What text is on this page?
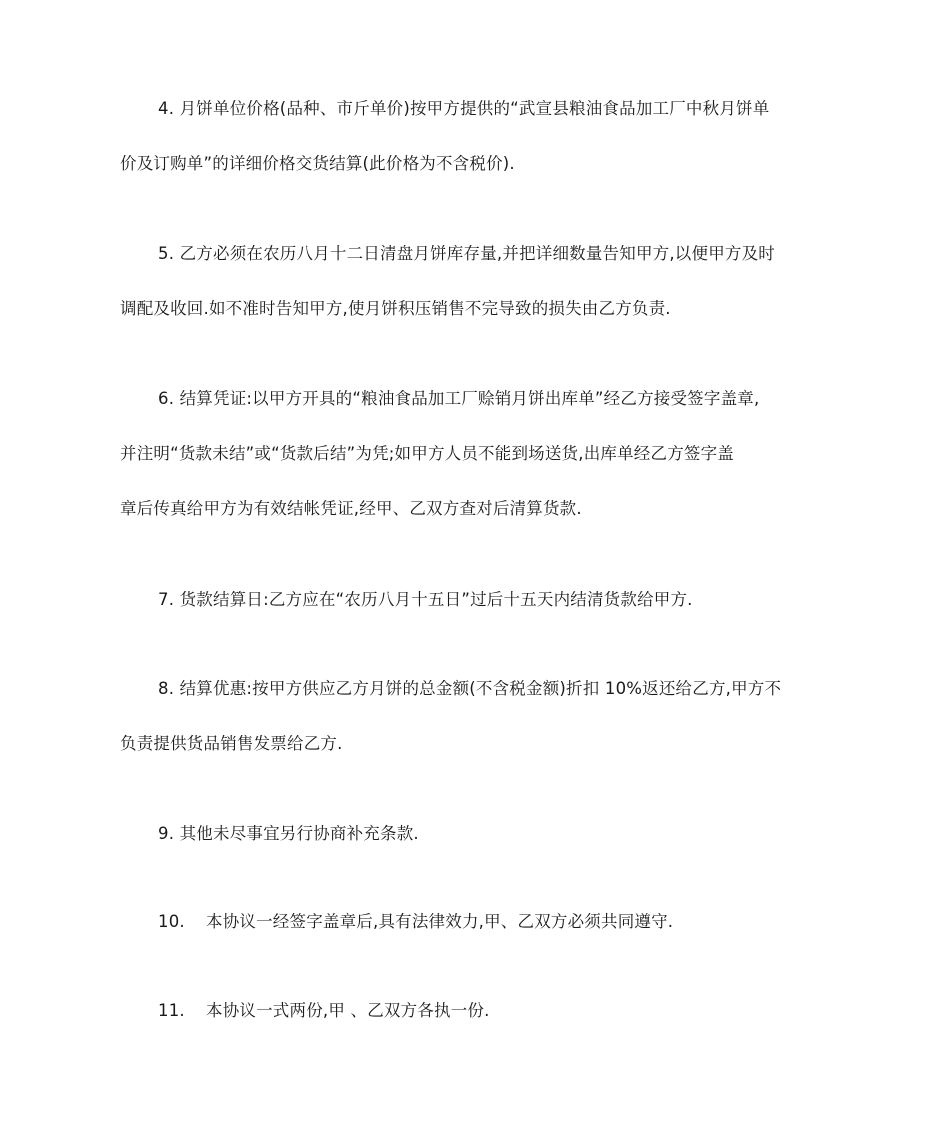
4. 月饼单位价格(品种、市斤单价)按甲方提供的“武宣县粮油食品加工厂中秋月饼单
价及订购单”的详细价格交货结算(此价格为不含税价).

5. 乙方必须在农历八月十二日清盘月饼库存量,并把详细数量告知甲方,以便甲方及时
调配及收回.如不准时告知甲方,使月饼积压销售不完导致的损失由乙方负责.

6. 结算凭证:以甲方开具的“粮油食品加工厂赊销月饼出库单”经乙方接受签字盖章,
并注明“货款未结”或“货款后结”为凭;如甲方人员不能到场送货,出库单经乙方签字盖
章后传真给甲方为有效结帐凭证,经甲、乙双方查对后清算货款.

7. 货款结算日:乙方应在“农历八月十五日”过后十五天内结清货款给甲方.

8. 结算优惠:按甲方供应乙方月饼的总金额(不含税金额)折扣 10%返还给乙方,甲方不
负责提供货品销售发票给乙方.

9. 其他未尽事宜另行协商补充条款.

10. 本协议一经签字盖章后,具有法律效力,甲、乙双方必须共同遵守.

11. 本协议一式两份,甲 、乙双方各执一份.
